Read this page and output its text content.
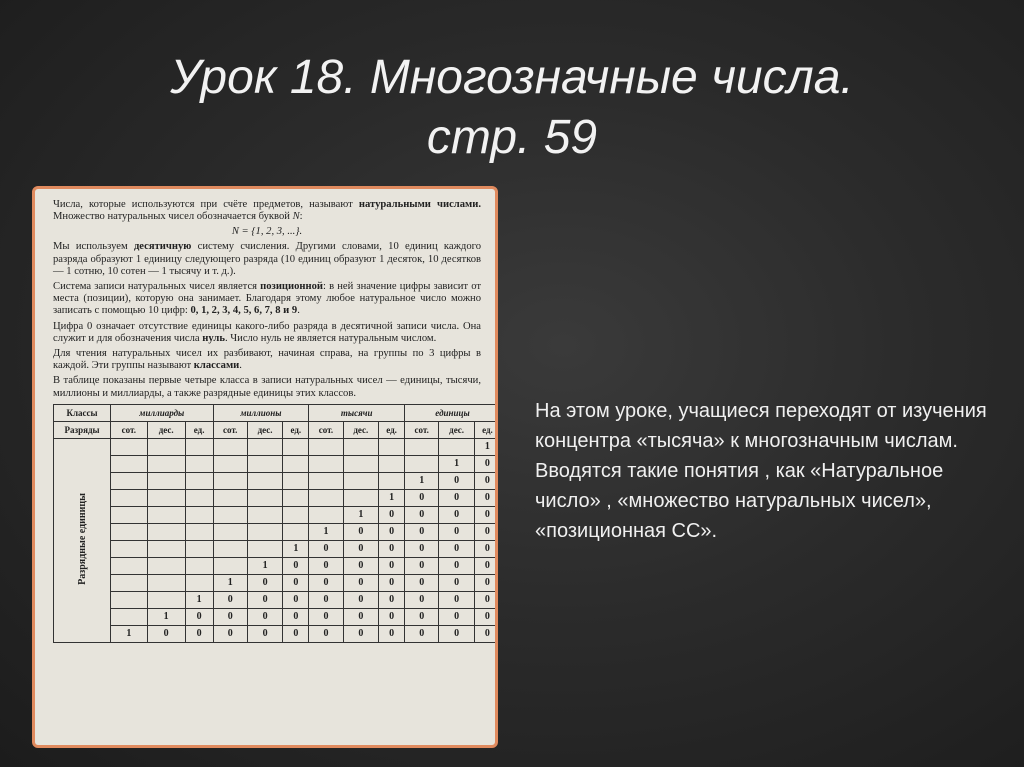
Урок 18. Многозначные числа.
стр. 59

Числа, которые используются при счёте предметов, называют натуральными числами. Множество натуральных чисел обозначается буквой N:

N = {1, 2, 3, ...}.

Мы используем десятичную систему счисления. Другими словами, 10 единиц каждого разряда образуют 1 единицу следующего разряда (10 единиц образуют 1 десяток, 10 десятков — 1 сотню, 10 сотен — 1 тысячу и т. д.).

Система записи натуральных чисел является позиционной: в ней значение цифры зависит от места (позиции), которую она занимает. Благодаря этому любое натуральное число можно записать с помощью 10 цифр: 0, 1, 2, 3, 4, 5, 6, 7, 8 и 9.

Цифра 0 означает отсутствие единицы какого-либо разряда в десятичной записи числа. Она служит и для обозначения числа нуль. Число нуль не является натуральным числом.

Для чтения натуральных чисел их разбивают, начиная справа, на группы по 3 цифры в каждой. Эти группы называют классами.

В таблице показаны первые четыре класса в записи натуральных чисел — единицы, тысячи, миллионы и миллиарды, а также разрядные единицы этих классов.

Классы	миллиарды			миллионы			тысячи			единицы		
Разряды	сот.	дес.	ед.	сот.	дес.	ед.	сот.	дес.	ед.	сот.	дес.	ед.
Разрядные единицы												1
											1	0
										1	0	0
									1	0	0	0
								1	0	0	0	0
							1	0	0	0	0	0
						1	0	0	0	0	0	0
					1	0	0	0	0	0	0	0
				1	0	0	0	0	0	0	0	0
			1	0	0	0	0	0	0	0	0	0
		1	0	0	0	0	0	0	0	0	0	0
	1	0	0	0	0	0	0	0	0	0	0	0
На этом уроке, учащиеся переходят от изучения концентра «тысяча» к многозначным числам. Вводятся такие понятия , как «Натуральное число» , «множество натуральных чисел», «позиционная СС».
